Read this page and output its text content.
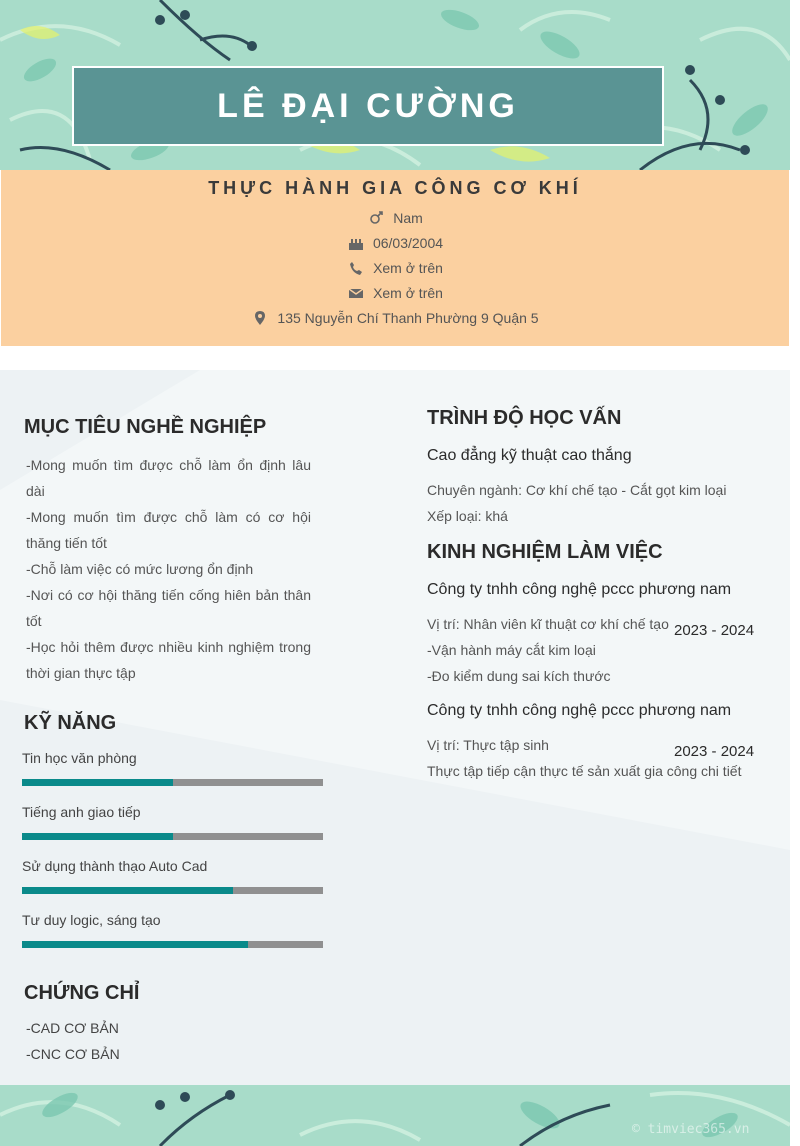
LÊ ĐẠI CƯỜNG
THỰC HÀNH GIA CÔNG CƠ KHÍ
Nam
06/03/2004
Xem ở trên
Xem ở trên
135 Nguyễn Chí Thanh Phường 9 Quận 5
MỤC TIÊU NGHỀ NGHIỆP
-Mong muốn tìm được chỗ làm ổn định lâu dài
-Mong muốn tìm được chỗ làm có cơ hội thăng tiến tốt
-Chỗ làm việc có mức lương ổn định
-Nơi có cơ hội thăng tiến cống hiên bản thân tốt
-Học hỏi thêm được nhiều kinh nghiệm trong thời gian thực tập
KỸ NĂNG
Tin học văn phòng
Tiếng anh giao tiếp
Sử dụng thành thạo Auto Cad
Tư duy logic, sáng tạo
CHỨNG CHỈ
-CAD CƠ BẢN
-CNC CƠ BẢN
TRÌNH ĐỘ HỌC VẤN
Cao đẳng kỹ thuật cao thắng
Chuyên ngành: Cơ khí chế tạo - Cắt gọt kim loại
Xếp loại: khá
KINH NGHIỆM LÀM VIỆC
Công ty tnhh công nghệ pccc phương nam
2023 - 2024
Vị trí: Nhân viên kĩ thuật cơ khí chế tạo
-Vận hành máy cắt kim loại
-Đo kiểm dung sai kích thước
Công ty tnhh công nghệ pccc phương nam
2023 - 2024
Vị trí: Thực tập sinh
Thực tập tiếp cận thực tế sản xuất gia công chi tiết
© timviec365.vn
